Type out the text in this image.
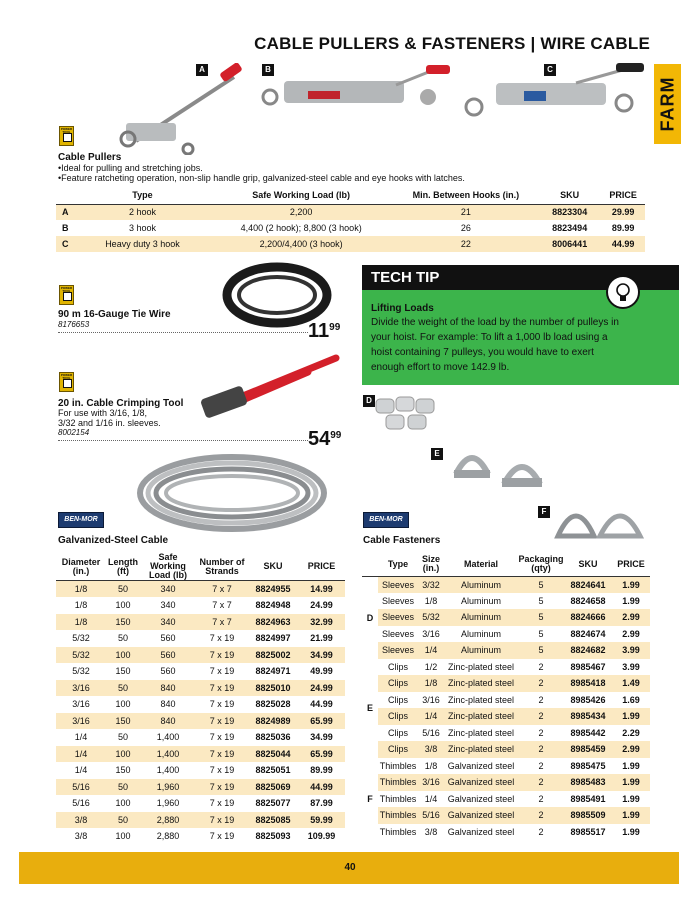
CABLE PULLERS & FASTENERS | WIRE CABLE
FARM
A	B	C
POWER TOOL
Cable Pullers
•Ideal for pulling and stretching jobs.
•Feature ratcheting operation, non-slip handle grip, galvanized-steel cable and eye hooks with latches.
	Type	Safe Working Load (lb)	Min. Between Hooks (in.)	SKU	PRICE
A	2 hook	2,200	21	8823304	29.99
B	3 hook	4,400 (2 hook); 8,800 (3 hook)	26	8823494	89.99
C	Heavy duty 3 hook	2,200/4,400 (3 hook)	22	8006441	44.99
POWER TOOL
90 m 16-Gauge Tie Wire
8176653	$11^{99}$
POWER TOOL
20 in. Cable Crimping Tool
For use with 3/16, 1/8,
3/32 and 1/16 in. sleeves.
8002154	$54^{99}$
TECH TIP
Lifting Loads
Divide the weight of the load by the number of pulleys in your hoist. For example: To lift a 1,000 lb load using a hoist containing 7 pulleys, you would have to exert enough effort to move 142.9 lb.
D
E
F
BEN-MOR
Galvanized-Steel Cable
Diameter (in.)	Length (ft)	Safe Working Load (lb)	Number of Strands	SKU	PRICE
1/8	50	340	7 x 7	8824955	14.99
1/8	100	340	7 x 7	8824948	24.99
1/8	150	340	7 x 7	8824963	32.99
5/32	50	560	7 x 19	8824997	21.99
5/32	100	560	7 x 19	8825002	34.99
5/32	150	560	7 x 19	8824971	49.99
3/16	50	840	7 x 19	8825010	24.99
3/16	100	840	7 x 19	8825028	44.99
3/16	150	840	7 x 19	8824989	65.99
1/4	50	1,400	7 x 19	8825036	34.99
1/4	100	1,400	7 x 19	8825044	65.99
1/4	150	1,400	7 x 19	8825051	89.99
5/16	50	1,960	7 x 19	8825069	44.99
5/16	100	1,960	7 x 19	8825077	87.99
3/8	50	2,880	7 x 19	8825085	59.99
3/8	100	2,880	7 x 19	8825093	109.99
BEN-MOR
Cable Fasteners
	Type	Size (in.)	Material	Packaging (qty)	SKU	PRICE
D	Sleeves	3/32	Aluminum	5	8824641	1.99
	Sleeves	1/8	Aluminum	5	8824658	1.99
	Sleeves	5/32	Aluminum	5	8824666	2.99
	Sleeves	3/16	Aluminum	5	8824674	2.99
	Sleeves	1/4	Aluminum	5	8824682	3.99
E	Clips	1/2	Zinc-plated steel	2	8985467	3.99
	Clips	1/8	Zinc-plated steel	2	8985418	1.49
	Clips	3/16	Zinc-plated steel	2	8985426	1.69
	Clips	1/4	Zinc-plated steel	2	8985434	1.99
	Clips	5/16	Zinc-plated steel	2	8985442	2.29
	Clips	3/8	Zinc-plated steel	2	8985459	2.99
F	Thimbles	1/8	Galvanized steel	2	8985475	1.99
	Thimbles	3/16	Galvanized steel	2	8985483	1.99
	Thimbles	1/4	Galvanized steel	2	8985491	1.99
	Thimbles	5/16	Galvanized steel	2	8985509	1.99
	Thimbles	3/8	Galvanized steel	2	8985517	1.99
40
